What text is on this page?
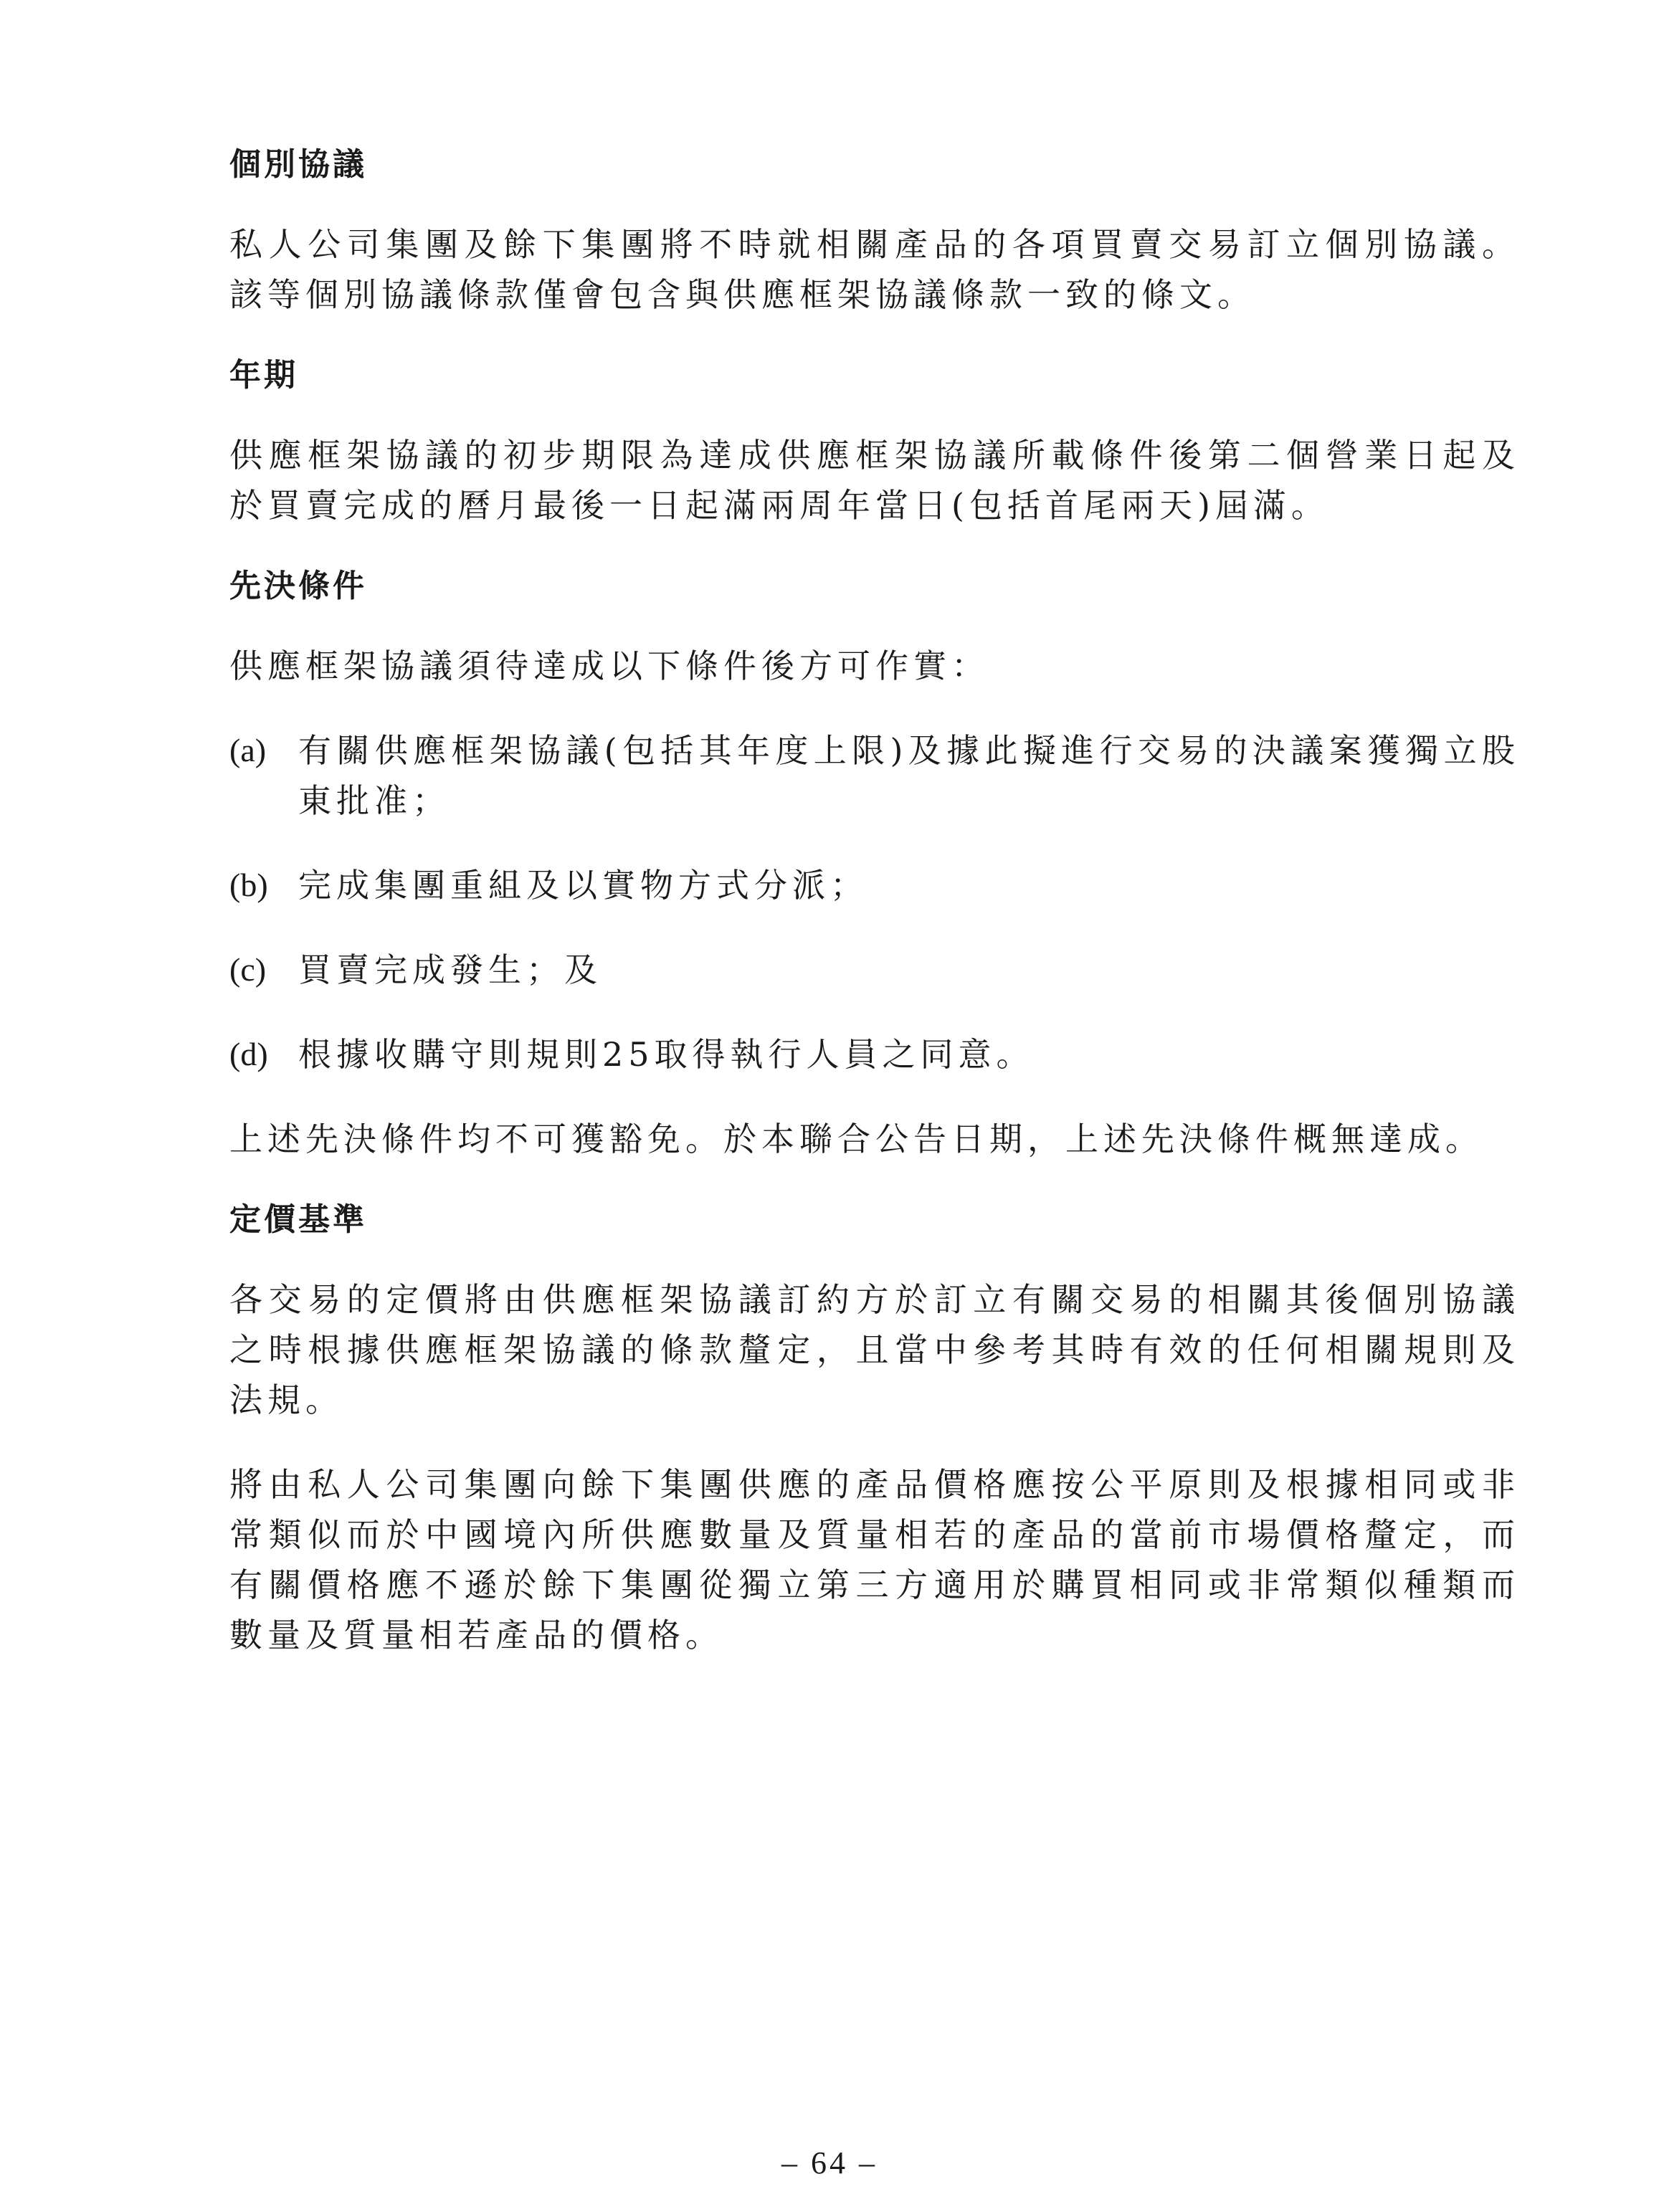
個別協議

私人公司集團及餘下集團將不時就相關產品的各項買賣交易訂立個別協議。該等個別協議條款僅會包含與供應框架協議條款一致的條文。

年期

供應框架協議的初步期限為達成供應框架協議所載條件後第二個營業日起及於買賣完成的曆月最後一日起滿兩周年當日(包括首尾兩天)屆滿。

先決條件

供應框架協議須待達成以下條件後方可作實：

(a) 有關供應框架協議(包括其年度上限)及據此擬進行交易的決議案獲獨立股東批准；
(b) 完成集團重組及以實物方式分派；
(c) 買賣完成發生；及
(d) 根據收購守則規則25取得執行人員之同意。

上述先決條件均不可獲豁免。於本聯合公告日期，上述先決條件概無達成。

定價基準

各交易的定價將由供應框架協議訂約方於訂立有關交易的相關其後個別協議之時根據供應框架協議的條款釐定，且當中參考其時有效的任何相關規則及法規。

將由私人公司集團向餘下集團供應的產品價格應按公平原則及根據相同或非常類似而於中國境內所供應數量及質量相若的產品的當前市場價格釐定，而有關價格應不遜於餘下集團從獨立第三方適用於購買相同或非常類似種類而數量及質量相若產品的價格。

– 64 –
